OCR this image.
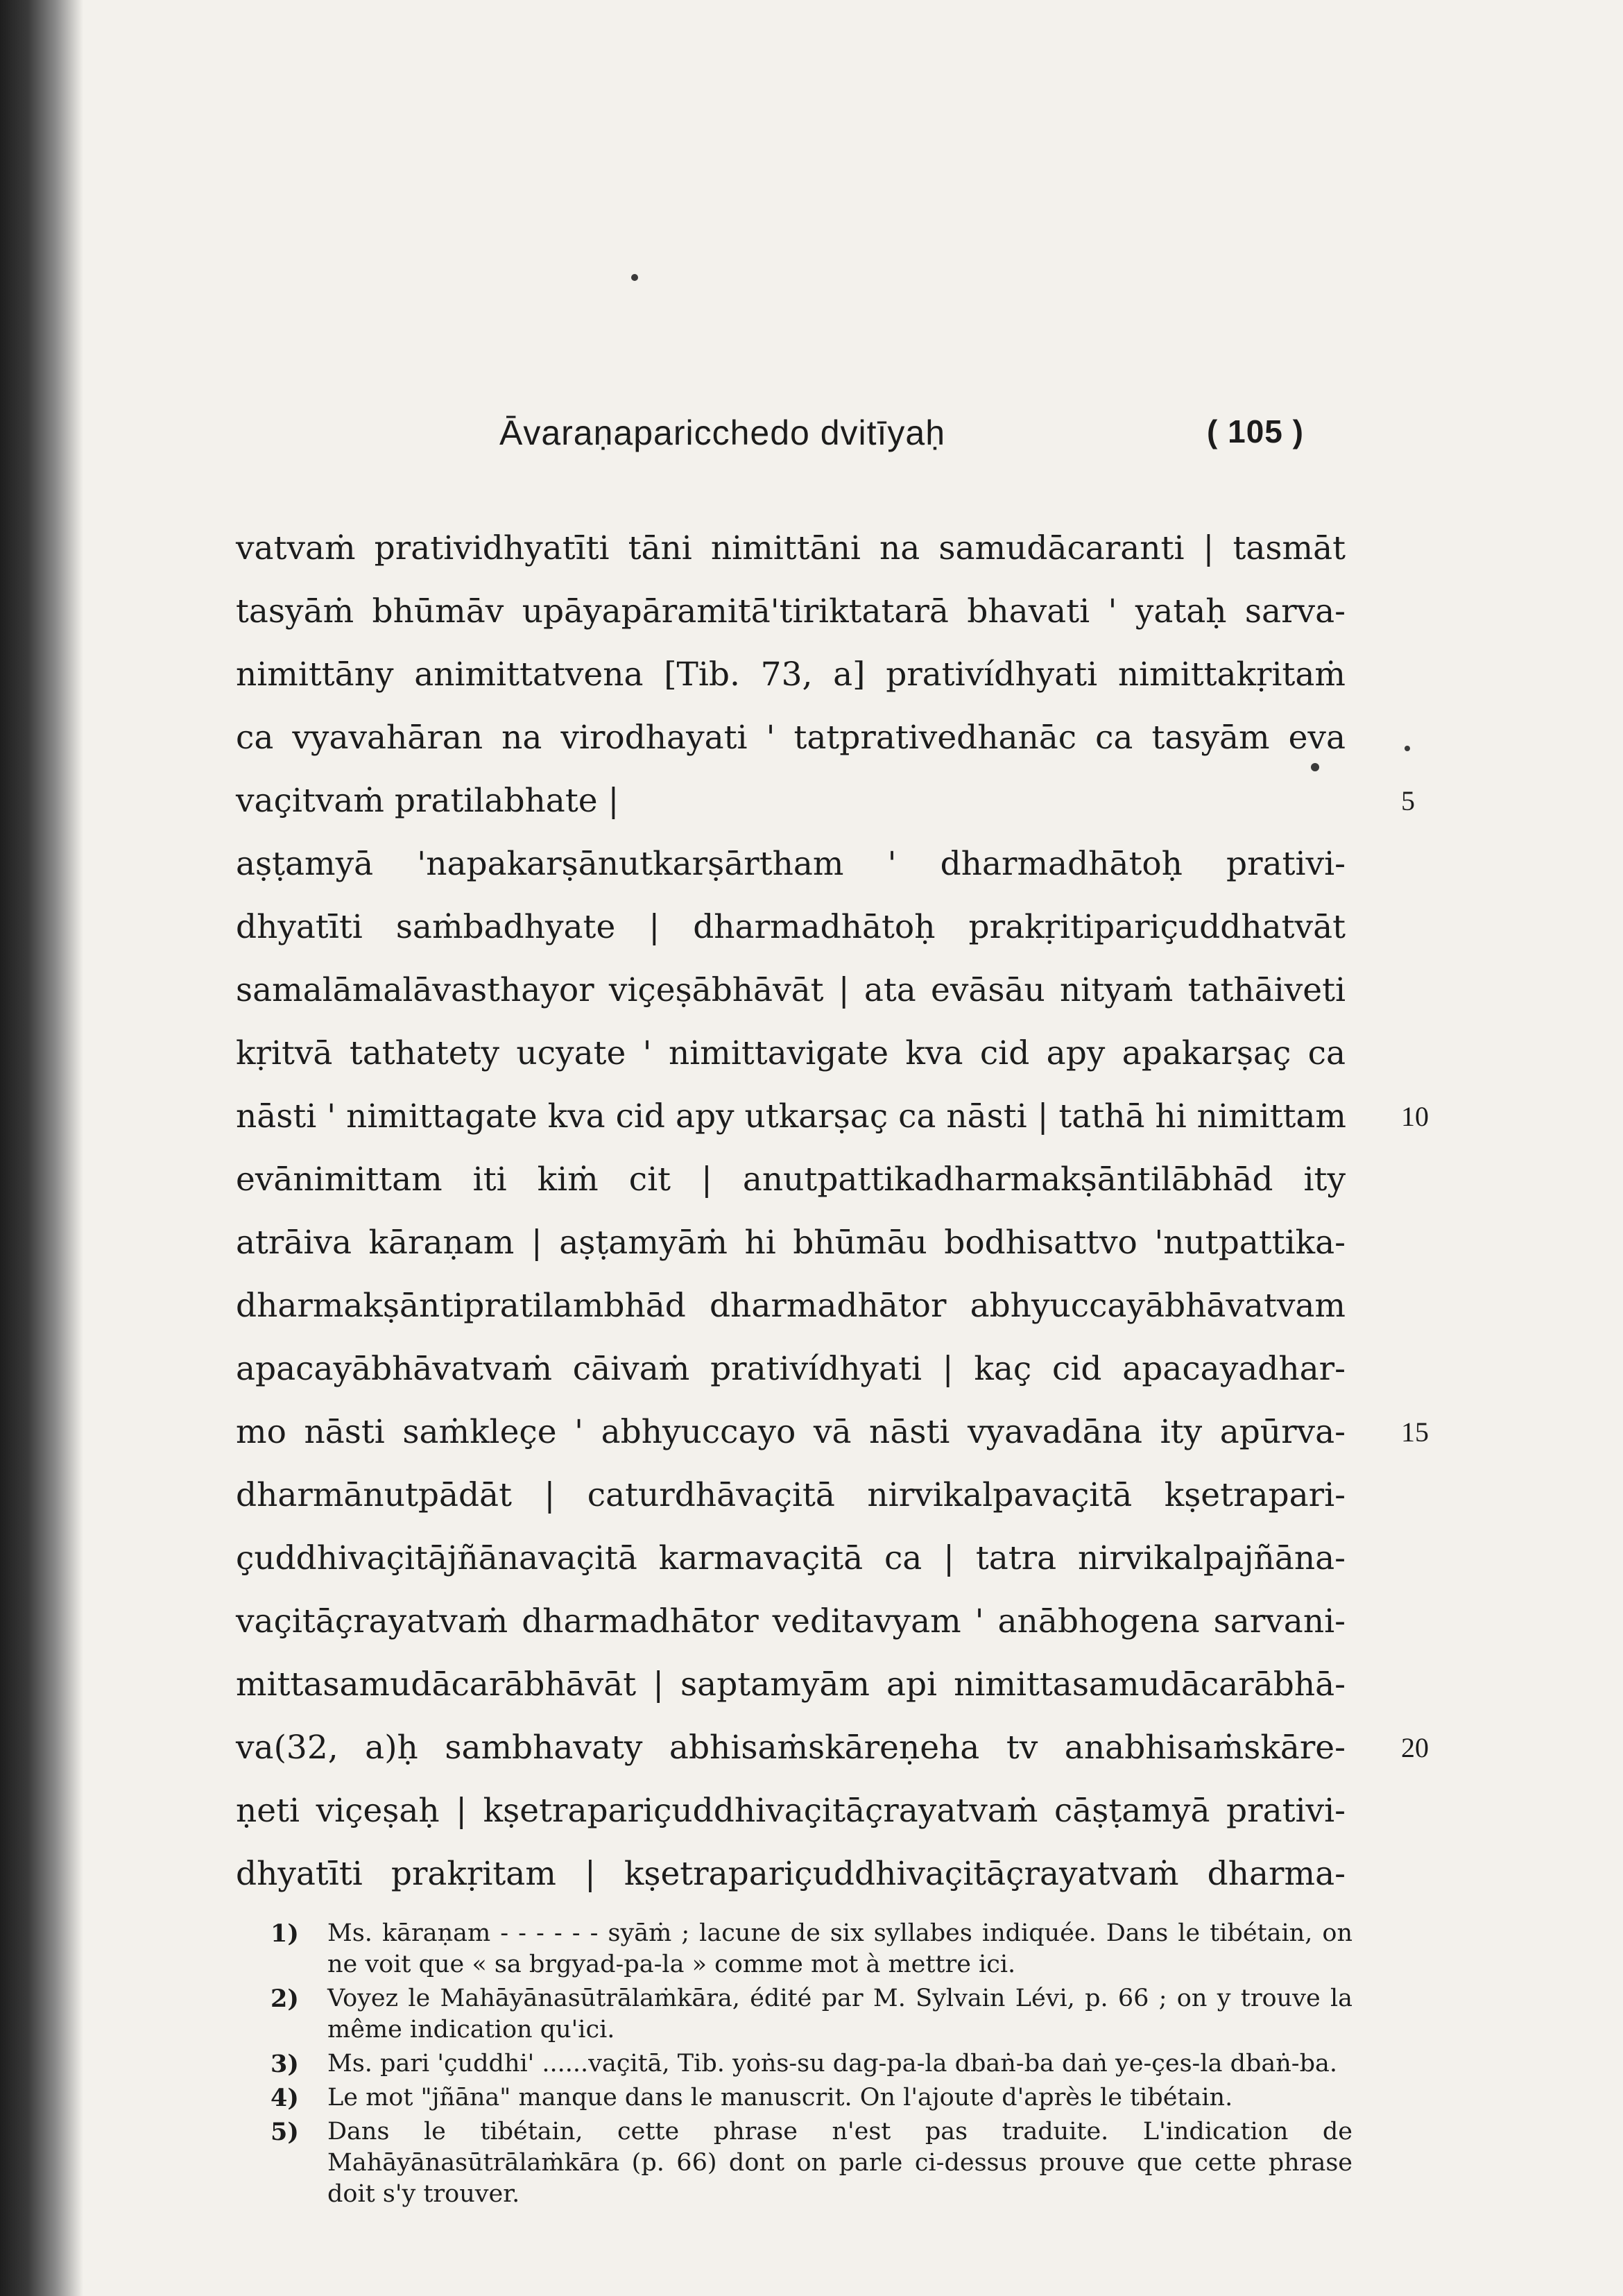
Āvaraṇaparicchedo dvitīyaḥ	( 105 )
vatvaṁ pratividhyatīti tāni nimittāni na samudācaranti | tasmāt
tasyāṁ bhūmāv upāyapāramitā'tiriktatarā bhavati ꞌ yataḥ sarva-
nimittāny animittatvena [Tib. 73, a] prativídhyati nimittakṛitaṁ
ca vyavahāran na virodhayati ꞌ tatprativedhanāc ca tasyām eva
vaçitvaṁ pratilabhate |	5
aṣṭamyā 'napakarṣānutkarṣārtham ꞌ dharmadhātoḥ prativi-
dhyatīti saṁbadhyate | dharmadhātoḥ prakṛitipariçuddhatvāt
samalāmalāvasthayor viçeṣābhāvāt | ata evāsāu nityaṁ tathāiveti
kṛitvā tathatety ucyate ꞌ nimittavigate kva cid apy apakarṣaç ca
nāsti ꞌ nimittagate kva cid apy utkarṣaç ca nāsti | tathā hi nimittam 10
evānimittam iti kiṁ cit | anutpattikadharmakṣāntilābhād ity
atrāiva kāraṇam | aṣṭamyāṁ hi bhūmāu bodhisattvo 'nutpattika-
dharmakṣāntipratilambhād dharmadhātor abhyuccayābhāvatvam
apacayābhāvatvaṁ cāivaṁ prativídhyati | kaç cid apacayadhar-
mo nāsti saṁkleçe ꞌ abhyuccayo vā nāsti vyavadāna ity apūrva- 15
dharmānutpādāt | caturdhāvaçitā nirvikalpavaçitā kṣetrapari-
çuddhivaçitājñānavaçitā karmavaçitā ca | tatra nirvikalpajñāna-
vaçitāçrayatvaṁ dharmadhātor veditavyam ꞌ anābhogena sarvani-
mittasamudācarābhāvāt | saptamyām api nimittasamudācarābhā-
va(32, a)ḥ sambhavaty abhisaṁskāreṇeha tv anabhisaṁskāre- 20
ṇeti viçeṣaḥ | kṣetrapariçuddhivaçitāçrayatvaṁ cāṣṭamyā prativi-
dhyatīti prakṛitam | kṣetrapariçuddhivaçitāçrayatvaṁ dharma-
1) Ms. kāraṇam - - - - - - syāṁ ; lacune de six syllabes indiquée. Dans le tibétain, on ne voit que « sa brgyad-pa-la » comme mot à mettre ici.
2) Voyez le Mahāyānasūtrālaṁkāra, édité par M. Sylvain Lévi, p. 66 ; on y trouve la même indication qu'ici.
3) Ms. pari 'çuddhi' ......vaçitā, Tib. yoṅs-su dag-pa-la dbaṅ-ba daṅ ye-çes-la dbaṅ-ba.
4) Le mot "jñāna" manque dans le manuscrit. On l'ajoute d'après le tibétain.
5) Dans le tibétain, cette phrase n'est pas traduite. L'indication de Mahāyānasūtrālaṁkāra (p. 66) dont on parle ci-dessus prouve que cette phrase doit s'y trouver.
